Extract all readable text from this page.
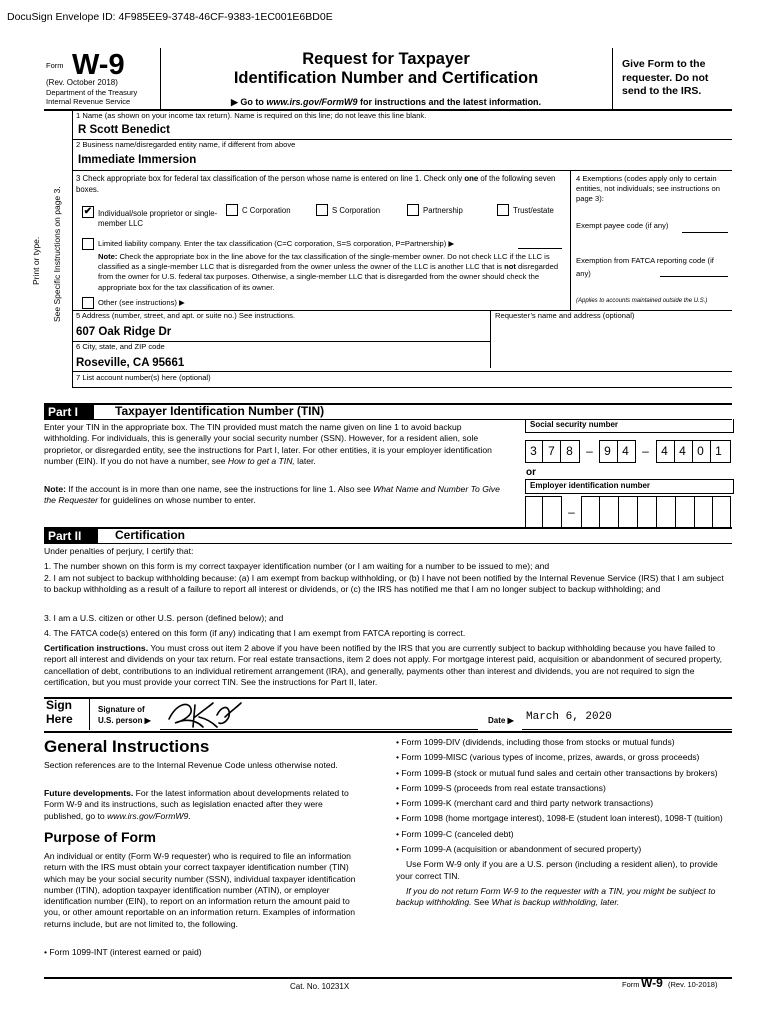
DocuSign Envelope ID: 4F985EE9-3748-46CF-9383-1EC001E6BD0E
Form W-9
(Rev. October 2018)
Department of the Treasury
Internal Revenue Service
Request for Taxpayer
Identification Number and Certification
▶ Go to www.irs.gov/FormW9 for instructions and the latest information.
Give Form to the requester. Do not send to the IRS.
Print or type. See Specific Instructions on page 3.
1 Name (as shown on your income tax return). Name is required on this line; do not leave this line blank.
R Scott Benedict
2 Business name/disregarded entity name, if different from above
Immediate Immersion
3 Check appropriate box for federal tax classification of the person whose name is entered on line 1. Check only one of the following seven boxes.
✔ Individual/sole proprietor or single-member LLC
C Corporation	S Corporation	Partnership	Trust/estate
Limited liability company. Enter the tax classification (C=C corporation, S=S corporation, P=Partnership) ▶
Note: Check the appropriate box in the line above for the tax classification of the single-member owner. Do not check LLC if the LLC is classified as a single-member LLC that is disregarded from the owner unless the owner of the LLC is another LLC that is not disregarded from the owner for U.S. federal tax purposes. Otherwise, a single-member LLC that is disregarded from the owner should check the appropriate box for the tax classification of its owner.
Other (see instructions) ▶
4 Exemptions (codes apply only to certain entities, not individuals; see instructions on page 3):
Exempt payee code (if any)
Exemption from FATCA reporting code (if any)
(Applies to accounts maintained outside the U.S.)
5 Address (number, street, and apt. or suite no.) See instructions.	Requester’s name and address (optional)
607 Oak Ridge Dr
6 City, state, and ZIP code
Roseville, CA 95661
7 List account number(s) here (optional)
Part I	Taxpayer Identification Number (TIN)
Enter your TIN in the appropriate box. The TIN provided must match the name given on line 1 to avoid backup withholding. For individuals, this is generally your social security number (SSN). However, for a resident alien, sole proprietor, or disregarded entity, see the instructions for Part I, later. For other entities, it is your employer identification number (EIN). If you do not have a number, see How to get a TIN, later.
Note: If the account is in more than one name, see the instructions for line 1. Also see What Name and Number To Give the Requester for guidelines on whose number to enter.
Social security number
3 7 8	– 9 4	–	4 4 0 1
or
Employer identification number
–
Part II	Certification
Under penalties of perjury, I certify that:
1. The number shown on this form is my correct taxpayer identification number (or I am waiting for a number to be issued to me); and
2. I am not subject to backup withholding because: (a) I am exempt from backup withholding, or (b) I have not been notified by the Internal Revenue Service (IRS) that I am subject to backup withholding as a result of a failure to report all interest or dividends, or (c) the IRS has notified me that I am no longer subject to backup withholding; and
3. I am a U.S. citizen or other U.S. person (defined below); and
4. The FATCA code(s) entered on this form (if any) indicating that I am exempt from FATCA reporting is correct.
Certification instructions. You must cross out item 2 above if you have been notified by the IRS that you are currently subject to backup withholding because you have failed to report all interest and dividends on your tax return. For real estate transactions, item 2 does not apply. For mortgage interest paid, acquisition or abandonment of secured property, cancellation of debt, contributions to an individual retirement arrangement (IRA), and generally, payments other than interest and dividends, you are not required to sign the certification, but you must provide your correct TIN. See the instructions for Part II, later.
Sign
Here
Signature of
U.S. person ▶	Date ▶ March 6, 2020
General Instructions
Section references are to the Internal Revenue Code unless otherwise noted.
Future developments. For the latest information about developments related to Form W-9 and its instructions, such as legislation enacted after they were published, go to www.irs.gov/FormW9.
Purpose of Form
An individual or entity (Form W-9 requester) who is required to file an information return with the IRS must obtain your correct taxpayer identification number (TIN) which may be your social security number (SSN), individual taxpayer identification number (ITIN), adoption taxpayer identification number (ATIN), or employer identification number (EIN), to report on an information return the amount paid to you, or other amount reportable on an information return. Examples of information returns include, but are not limited to, the following.
• Form 1099-INT (interest earned or paid)
• Form 1099-DIV (dividends, including those from stocks or mutual funds)
• Form 1099-MISC (various types of income, prizes, awards, or gross proceeds)
• Form 1099-B (stock or mutual fund sales and certain other transactions by brokers)
• Form 1099-S (proceeds from real estate transactions)
• Form 1099-K (merchant card and third party network transactions)
• Form 1098 (home mortgage interest), 1098-E (student loan interest), 1098-T (tuition)
• Form 1099-C (canceled debt)
• Form 1099-A (acquisition or abandonment of secured property)
Use Form W-9 only if you are a U.S. person (including a resident alien), to provide your correct TIN.
If you do not return Form W-9 to the requester with a TIN, you might be subject to backup withholding. See What is backup withholding, later.
Cat. No. 10231X	Form W-9 (Rev. 10-2018)
